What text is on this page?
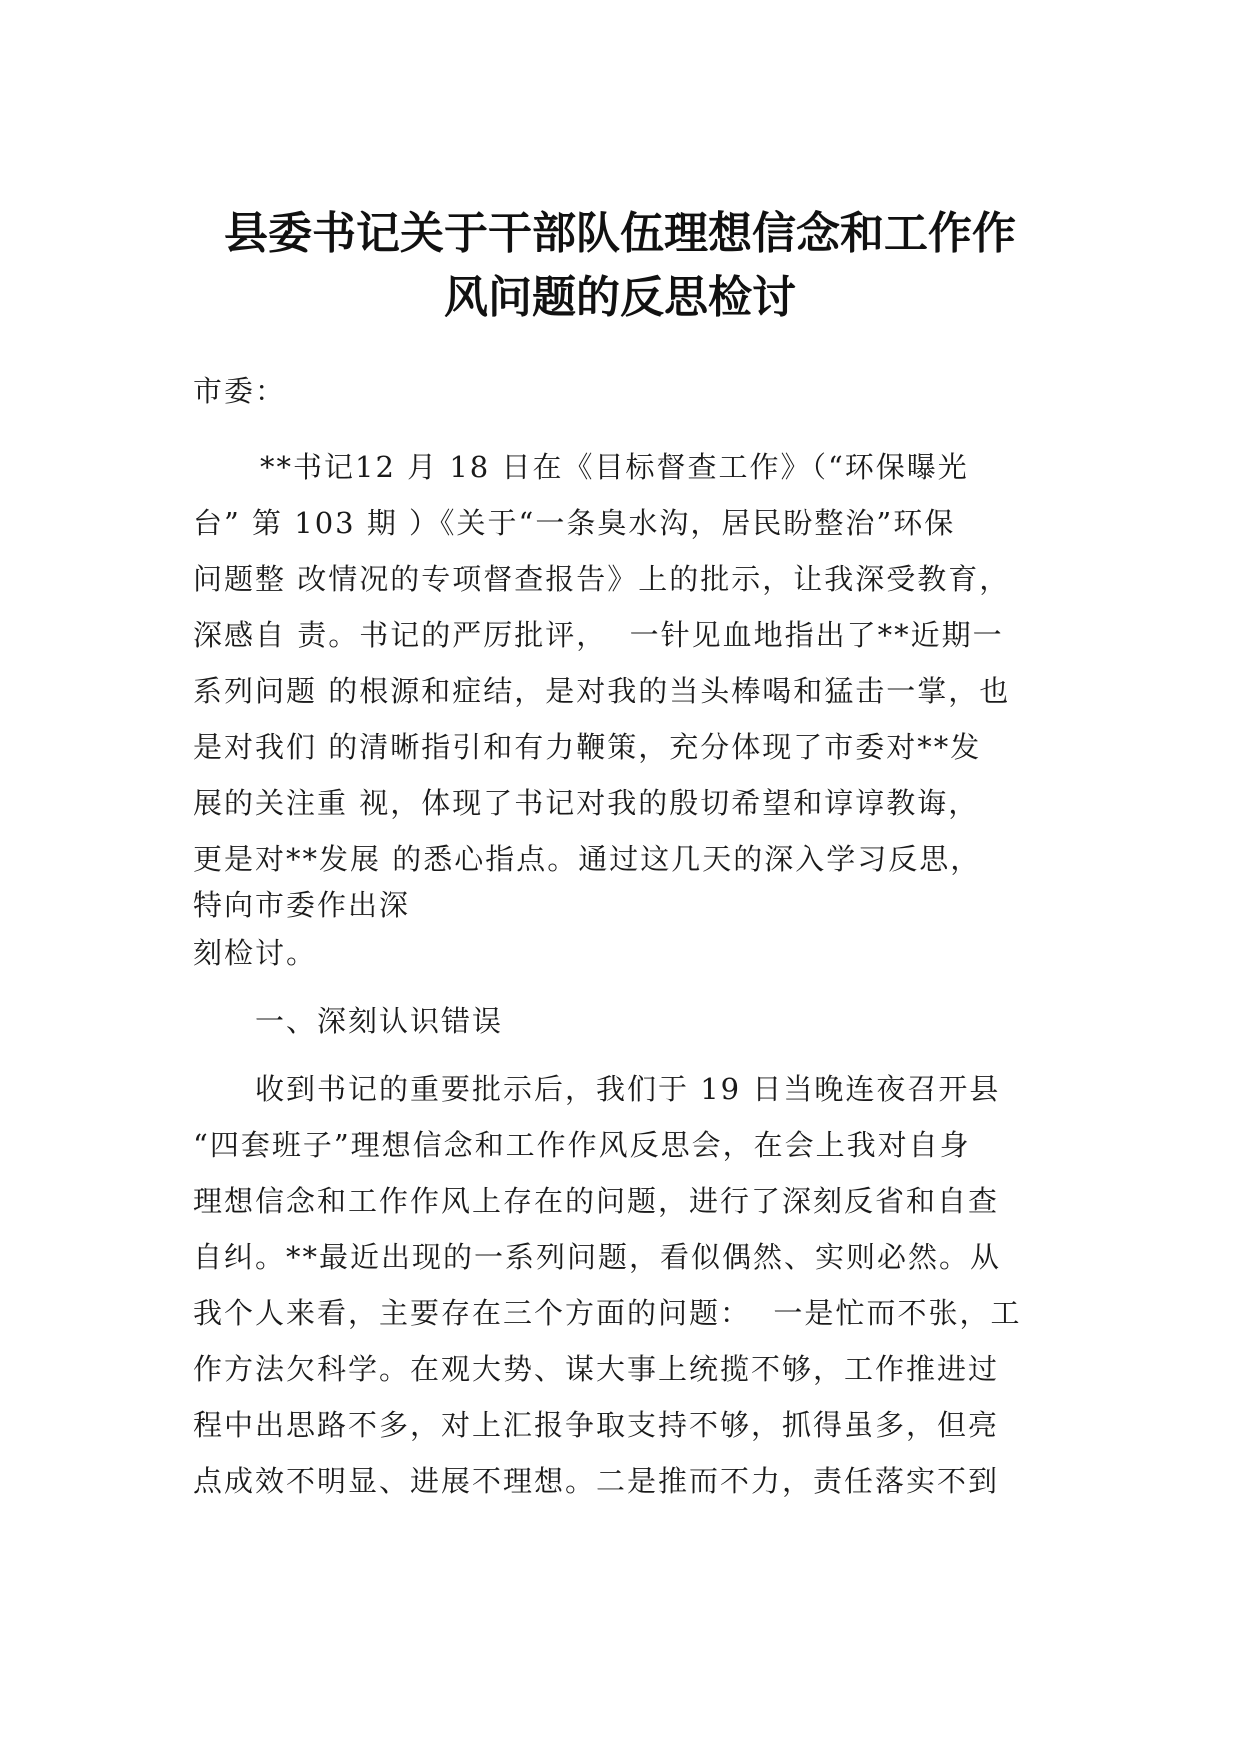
县委书记关于干部队伍理想信念和工作作
风问题的反思检讨

市委：

　**书记12 月 18 日在《目标督查工作》（“环保曝光

台” 第 103 期 ）《关于“一条臭水沟，居民盼整治”环保

问题整 改情况的专项督查报告》上的批示，让我深受教育，

深感自 责。书记的严厉批评，  一针见血地指出了**近期一

系列问题 的根源和症结，是对我的当头棒喝和猛击一掌，也

是对我们 的清晰指引和有力鞭策，充分体现了市委对**发

展的关注重 视，体现了书记对我的殷切希望和谆谆教诲，

更是对**发展 的悉心指点。通过这几天的深入学习反思，

特向市委作出深

刻检讨。

　　一、深刻认识错误

　　收到书记的重要批示后，我们于 19 日当晚连夜召开县

“四套班子”理想信念和工作作风反思会，在会上我对自身

理想信念和工作作风上存在的问题，进行了深刻反省和自查

自纠。**最近出现的一系列问题，看似偶然、实则必然。从

我个人来看，主要存在三个方面的问题：  一是忙而不张，工

作方法欠科学。在观大势、谋大事上统揽不够，工作推进过

程中出思路不多，对上汇报争取支持不够，抓得虽多，但亮

点成效不明显、进展不理想。二是推而不力，责任落实不到
